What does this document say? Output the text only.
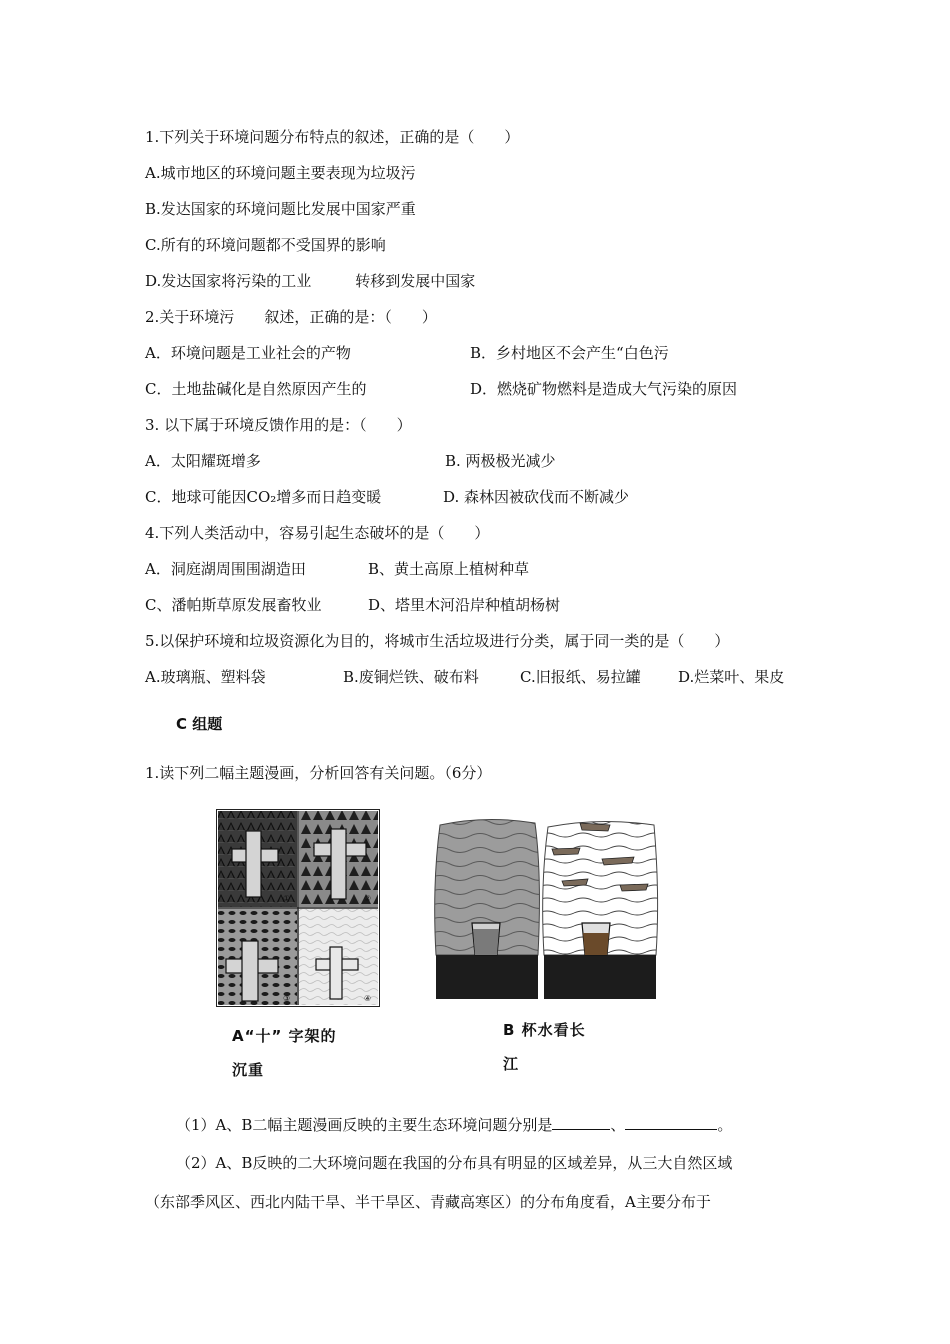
1.下列关于环境问题分布特点的叙述，正确的是（　　）
A.城市地区的环境问题主要表现为垃圾污
B.发达国家的环境问题比发展中国家严重
C.所有的环境问题都不受国界的影响
D.发达国家将污染的工业	转移到发展中国家
2.关于环境污 叙述，正确的是：（　　）
A．环境问题是工业社会的产物	B．乡村地区不会产生“白色污
C．土地盐碱化是自然原因产生的	D．燃烧矿物燃料是造成大气污染的原因
3. 以下属于环境反馈作用的是：（　　）
A．太阳耀斑增多	B. 两极极光减少
C．地球可能因CO₂增多而日趋变暖	D. 森林因被砍伐而不断减少
4.下列人类活动中，容易引起生态破坏的是（　　）
A．洞庭湖周围围湖造田	B、黄土高原上植树种草
C、潘帕斯草原发展畜牧业	D、塔里木河沿岸种植胡杨树
5.以保护环境和垃圾资源化为目的，将城市生活垃圾进行分类，属于同一类的是（　　）
A.玻璃瓶、塑料袋	B.废铜烂铁、破布料	C.旧报纸、易拉罐 D.烂菜叶、果皮
C 组题
1.读下列二幅主题漫画，分析回答有关问题。（6分）
①	②
③	④
A“十” 字架的
沉重
B 杯水看长
江
（1）A、B二幅主题漫画反映的主要生态环境问题分别是	、	。
（2）A、B反映的二大环境问题在我国的分布具有明显的区域差异，从三大自然区域
（东部季风区、西北内陆干旱、半干旱区、青藏高寒区）的分布角度看，A主要分布于
